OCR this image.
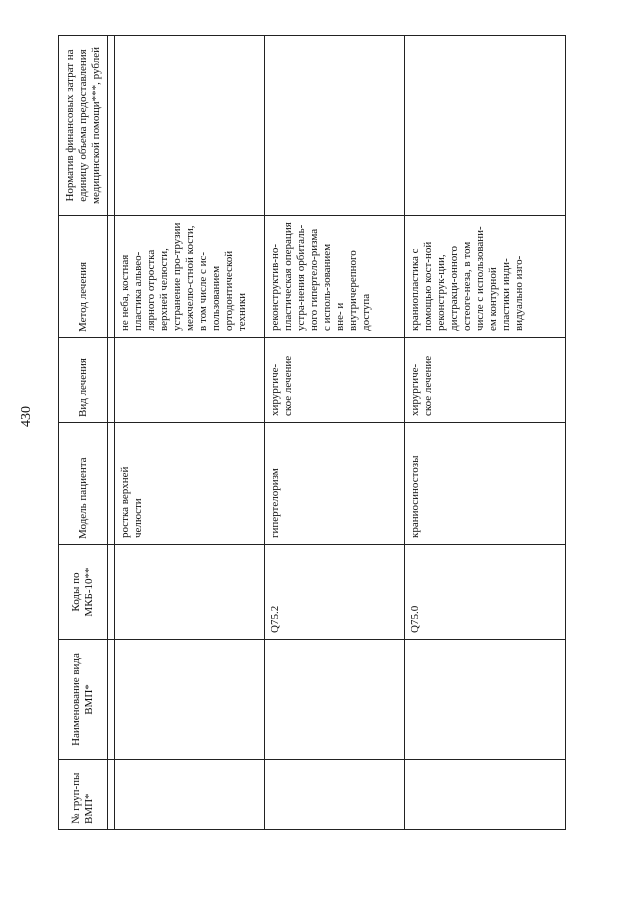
430
№ груп-пы ВМП*	Наименование вида ВМП*	Коды по МКБ-10**	Модель пациента	Вид лечения	Метод лечения	Норматив финансовых затрат на единицу объема предоставления медицинской помощи***, рублей

			ростка верхней челюсти		не неба, костная пластика альвео-лярного отростка верхней челюсти, устранение про-трузии межчелю-стной кости, в том числе с ис-пользованием ортодонтической техники	
		Q75.2	гипертелоризм	хирургиче-ское лечение	реконструктив-но-пластическая операция устра-нения орбиталь-ного гипертело-ризма с исполь-зованием вне- и внутричерепного доступа	
		Q75.0	краниосиностозы	хирургиче-ское лечение	краниопластика с помощью кост-ной реконструк-ции, дистракци-онного остеоге-неза, в том числе с использовани-ем контурной пластики инди-видуально изго-	
